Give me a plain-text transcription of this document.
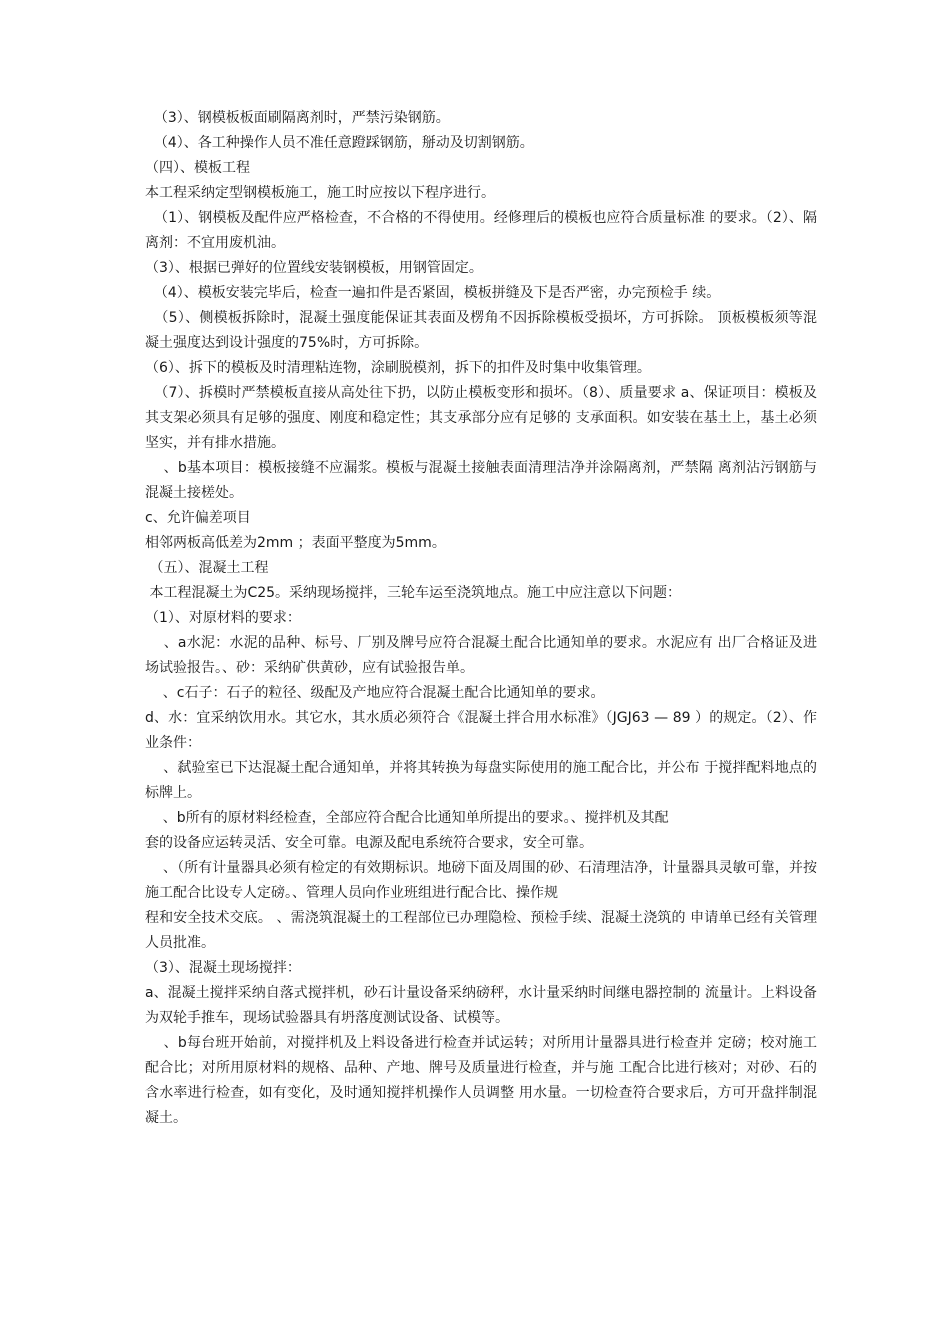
（3）、钢模板板面刷隔离剂时，严禁污染钢筋。

（4）、各工种操作人员不准任意蹬踩钢筋，掰动及切割钢筋。

（四）、模板工程

本工程采纳定型钢模板施工，施工时应按以下程序进行。

（1）、钢模板及配件应严格检查，不合格的不得使用。经修理后的模板也应符合质量标准 的要求。（2）、隔离剂：不宜用废机油。

（3）、根据已弹好的位置线安装钢模板，用钢管固定。

（4）、模板安装完毕后，检查一遍扣件是否紧固，模板拼缝及下是否严密，办完预检手 续。

（5）、侧模板拆除时，混凝土强度能保证其表面及楞角不因拆除模板受损坏，方可拆除。 顶板模板须等混凝土强度达到设计强度的75%时，方可拆除。

（6）、拆下的模板及时清理粘连物，涂刷脱模剂，拆下的扣件及时集中收集管理。

（7）、拆模时严禁模板直接从高处往下扔，以防止模板变形和损坏。（8）、质量要求 a、保证项目：模板及其支架必须具有足够的强度、刚度和稳定性；其支承部分应有足够的 支承面积。如安装在基土上，基土必须坚实，并有排水措施。

、b基本项目：模板接缝不应漏浆。模板与混凝土接触表面清理洁净并涂隔离剂，严禁隔 离剂沾污钢筋与混凝土接槎处。

c、允许偏差项目

相邻两板高低差为2mm ；表面平整度为5mm。

（五）、混凝土工程

本工程混凝土为C25。采纳现场搅拌，三轮车运至浇筑地点。施工中应注意以下问题：

（1）、对原材料的要求：

、a水泥：水泥的品种、标号、厂别及牌号应符合混凝土配合比通知单的要求。水泥应有 出厂合格证及进场试验报告。、砂：采纳矿供黄砂，应有试验报告单。

、c石子：石子的粒径、级配及产地应符合混凝土配合比通知单的要求。

d、水：宜采纳饮用水。其它水，其水质必须符合《混凝土拌合用水标准》（JGJ63 — 89 ）的规定。（2）、作业条件：

、弑验室已下达混凝土配合通知单，并将其转换为每盘实际使用的施工配合比，并公布 于搅拌配料地点的标牌上。

、b所有的原材料经检查，全部应符合配合比通知单所提出的要求。、搅拌机及其配

套的设备应运转灵活、安全可靠。电源及配电系统符合要求，安全可靠。

、（所有计量器具必须有检定的有效期标识。地磅下面及周围的砂、石清理洁净，计量器具灵敏可靠，并按施工配合比设专人定磅。、管理人员向作业班组进行配合比、操作规

程和安全技术交底。 、需浇筑混凝土的工程部位已办理隐检、预检手续、混凝土浇筑的 申请单已经有关管理人员批准。

（3）、混凝土现场搅拌：

a、混凝土搅拌采纳自落式搅拌机，砂石计量设备采纳磅秤，水计量采纳时间继电器控制的 流量计。上料设备为双轮手推车，现场试验器具有坍落度测试设备、试模等。

、b每台班开始前，对搅拌机及上料设备进行检查并试运转；对所用计量器具进行检查并 定磅；校对施工配合比；对所用原材料的规格、品种、产地、牌号及质量进行检查，并与施 工配合比进行核对；对砂、石的含水率进行检查，如有变化，及时通知搅拌机操作人员调整 用水量。一切检查符合要求后，方可开盘拌制混凝土。
